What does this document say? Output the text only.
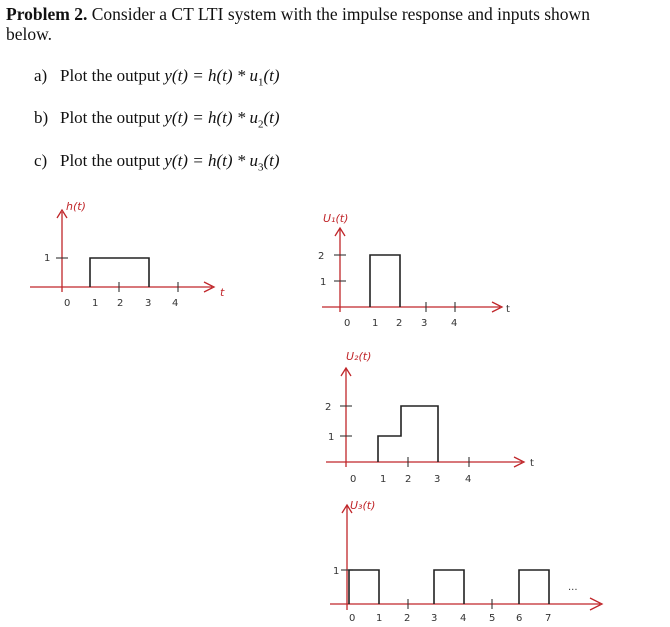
Problem 2. Consider a CT LTI system with the impulse response and inputs shown
below.
a) Plot the output $y(t) = h(t) * u_1(t)$
b) Plot the output $y(t) = h(t) * u_2(t)$
c) Plot the output $y(t) = h(t) * u_3(t)$
h(t)
t
1
0 1 2 3 4
U₁(t)
t
2
1
0 1 2 3 4
U₂(t)
t
2
1
0 1 2 3 4
U₃(t)
1
...
0 1 2 3 4 5 6 7
